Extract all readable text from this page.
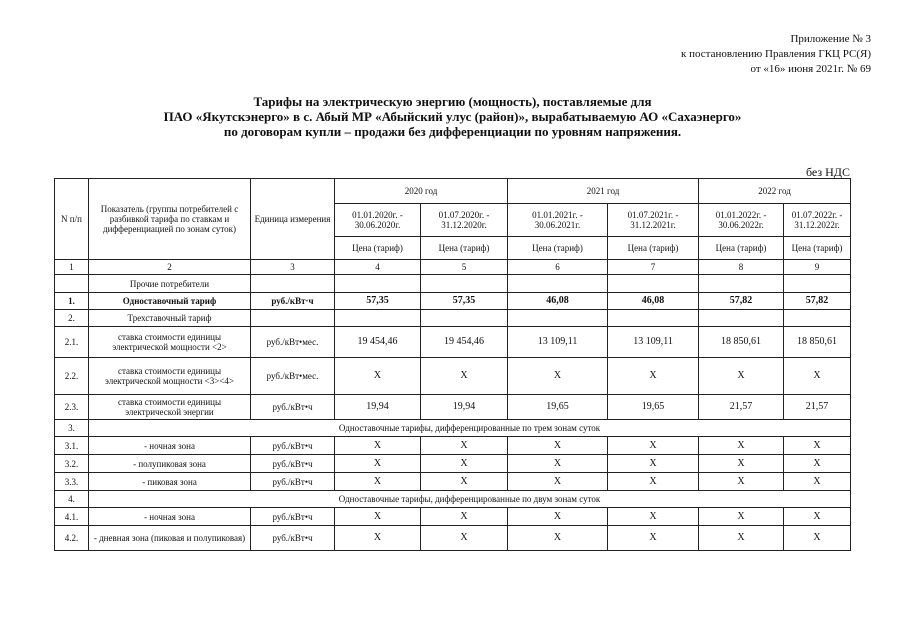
Приложение № 3
к постановлению Правления ГКЦ РС(Я)
от «16» июня 2021г. № 69
Тарифы на электрическую энергию (мощность), поставляемые для
ПАО «Якутскэнерго» в с. Абый МР «Абыйский улус (район)», вырабатываемую АО «Сахаэнерго»
по договорам купли – продажи без дифференциации по уровням напряжения.
без НДС
N п/п	Показатель (группы потребителей с разбивкой тарифа по ставкам и дифференциацией по зонам суток)	Единица измерения	2020 год		2021 год		2022 год		
			01.01.2020г. - 30.06.2020г.	01.07.2020г. - 31.12.2020г.	01.01.2021г. - 30.06.2021г.	01.07.2021г. - 31.12.2021г.	01.01.2022г. - 30.06.2022г.	01.07.2022г. - 31.12.2022г.	
			Цена (тариф)	Цена (тариф)	Цена (тариф)	Цена (тариф)	Цена (тариф)	Цена (тариф)	
1	2	3	4	5	6	7	8	9	
	Прочие потребители								
1.	Одноставочный тариф	руб./кВт·ч	57,35	57,35	46,08	46,08	57,82	57,82	
2.	Трехставочный тариф								
2.1.	ставка стоимости единицы электрической мощности <2>	руб./кВт•мес.	19 454,46	19 454,46	13 109,11	13 109,11	18 850,61	18 850,61	
2.2.	ставка стоимости единицы электрической мощности <3><4>	руб./кВт•мес.	X	X	X	X	X	X	
2.3.	ставка стоимости единицы электрической энергии	руб./кВт•ч	19,94	19,94	19,65	19,65	21,57	21,57	
3.	Одноставочные тарифы, дифференцированные по трем зонам суток								
3.1.	- ночная зона	руб./кВт•ч	X	X	X	X	X	X	
3.2.	- полупиковая зона	руб./кВт•ч	X	X	X	X	X	X	
3.3.	- пиковая зона	руб./кВт•ч	X	X	X	X	X	X	
4.	Одноставочные тарифы, дифференцированные по двум зонам суток								
4.1.	- ночная зона	руб./кВт•ч	X	X	X	X	X	X	
4.2.	- дневная зона (пиковая и полупиковая)	руб./кВт•ч	X	X	X	X	X	X	
